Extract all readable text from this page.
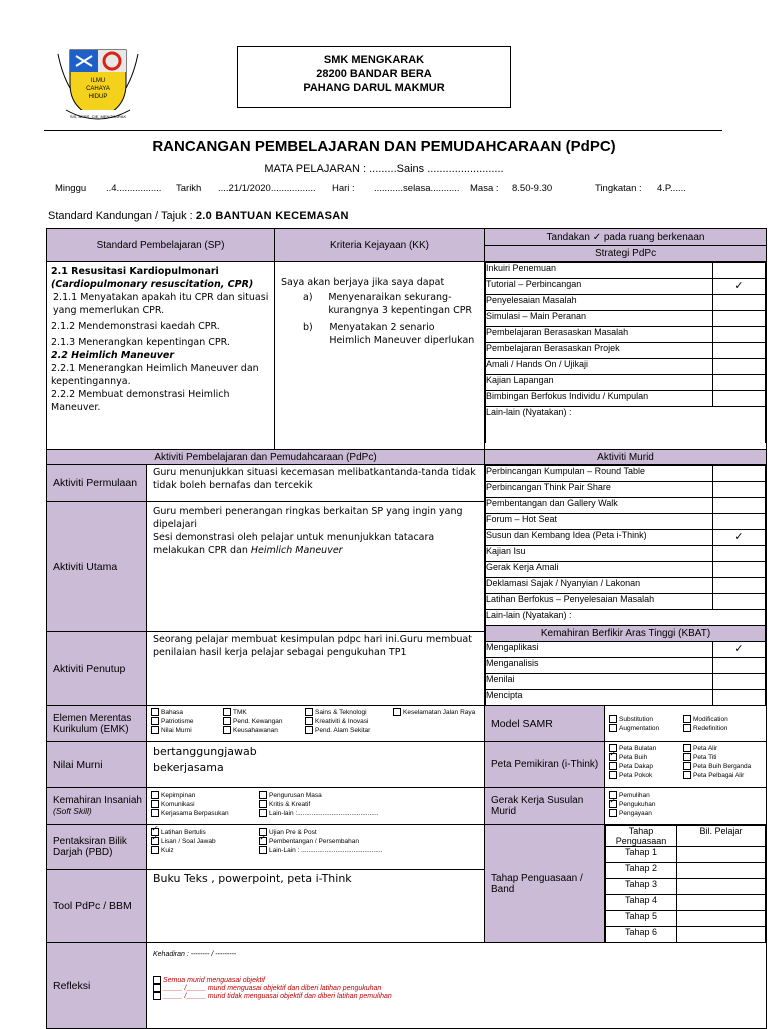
ILMU
CAHAYA
HIDUP
SIS, BERS, CIE, MENGKARAK
SMK MENGKARAK
28200 BANDAR BERA
PAHANG DARUL MAKMUR
RANCANGAN PEMBELAJARAN DAN PEMUDAHCARAAN (PdPC)
MATA PELAJARAN : .........Sains .........................
Minggu ..4................. Tarikh ....21/1/2020................. Hari : ...........selasa........... Masa : 8.50-9.30	Tingkatan : 4.P......
Standard Kandungan / Tajuk : 2.0 BANTUAN KECEMASAN
Standard Pembelajaran (SP)	Kriteria Kejayaan (KK)	Tandakan ✓ pada ruang berkenaan
Strategi PdPc

2.1 Resusitasi Kardiopulmonari
(Cardiopulmonary resuscitation, CPR)
2.1.1 Menyatakan apakah itu CPR dan situasi yang memerlukan CPR.
2.1.2 Mendemonstrasi kaedah CPR.
2.1.3 Menerangkan kepentingan CPR.
2.2 Heimlich Maneuver
2.2.1 Menerangkan Heimlich Maneuver dan kepentingannya.
2.2.2 Membuat demonstrasi Heimlich Maneuver.

Saya akan berjaya jika saya dapat
a)	Menyenaraikan sekurang-kurangnya 3 kepentingan CPR
b)	Menyatakan 2 senario Heimlich Maneuver diperlukan

Inkuiri Penemuan	
Tutorial – Perbincangan	✓
Penyelesaian Masalah	
Simulasi – Main Peranan	
Pembelajaran Berasaskan Masalah	
Pembelajaran Berasaskan Projek	
Amali / Hands On / Ujikaji	
Kajian Lapangan	
Bimbingan Berfokus Individu / Kumpulan	
Lain-lain (Nyatakan) :

Aktiviti Pembelajaran dan Pemudahcaraan (PdPc)	Aktiviti Murid
Aktiviti Permulaan	Guru menunjukkan situasi kecemasan melibatkantanda-tanda tidak tidak boleh bernafas dan tercekik	
Perbincangan Kumpulan – Round Table	
Perbincangan Think Pair Share	
Pembentangan dan Gallery Walk	
Forum – Hot Seat	
Susun dan Kembang Idea (Peta i-Think)	✓
Kajian Isu	
Gerak Kerja Amali	
Deklamasi Sajak / Nyanyian / Lakonan	
Latihan Berfokus – Penyelesaian Masalah	
Lain-lain (Nyatakan) :
Kemahiran Berfikir Aras Tinggi (KBAT)
Mengaplikasi	✓
Menganalisis	
Menilai	
Mencipta	

Aktiviti Utama	
Guru memberi penerangan ringkas berkaitan SP yang ingin yang dipelajari
Sesi demonstrasi oleh pelajar untuk menunjukkan tatacara melakukan CPR dan Heimlich Maneuver

Aktiviti Penutup	Seorang pelajar membuat kesimpulan pdpc hari ini.Guru membuat penilaian hasil kerja pelajar sebagai pengukuhan TP1
Elemen Merentas Kurikulum (EMK)	
Bahasa	TMK	Sains & Teknologi	Keselamatan Jalan Raya
Patriotisme	Pend. Kewangan	Kreativiti & Inovasi
Nilai Murni	Keusahawanan	Pend. Alam Sekitar
	Model SAMR	Substitution	Modification
Augmentation	Redefinition

Nilai Murni	
bertanggungjawab
bekerjasama	Peta Pemikiran (i-Think)	
Peta Bulatan	Peta Alir
✓Peta Buih	Peta Titi
Peta Dakap	Peta Buih Berganda
Peta Pokok	Peta Pelbagai Alir

Kemahiran Insaniah (Soft Skill)	
Kepimpinan	Pengurusan Masa
Komunikasi	Kritis & Kreatif
Kerjasama Berpasukan	Lain-lain :.............................................
	Gerak Kerja Susulan Murid	
Pemulihan
✓Pengukuhan
Pengayaan

Pentaksiran Bilik Darjah (PBD)	
✓Latihan Bertulis	Ujian Pre & Post
✓Lisan / Soal Jawab
✓	Pembentangan / Persembahan
Kuiz	Lain-Lain : .............................................
	Tahap Penguasaan / Band	
Tahap Penguasaan	Bil. Pelajar
Tahap 1	
Tahap 2	
Tahap 3	
Tahap 4	
Tahap 5	
Tahap 6	

Tool PdPc / BBM	Buku Teks , powerpoint, peta i-Think
Refleksi	
Kehadiran : -------- / ---------
Semua murid menguasai objektif
_____ /_____ murid menguasai objektif dan diberi latihan pengukuhan
_____ /_____ murid tidak menguasai objektif dan diberi latihan pemulihan
